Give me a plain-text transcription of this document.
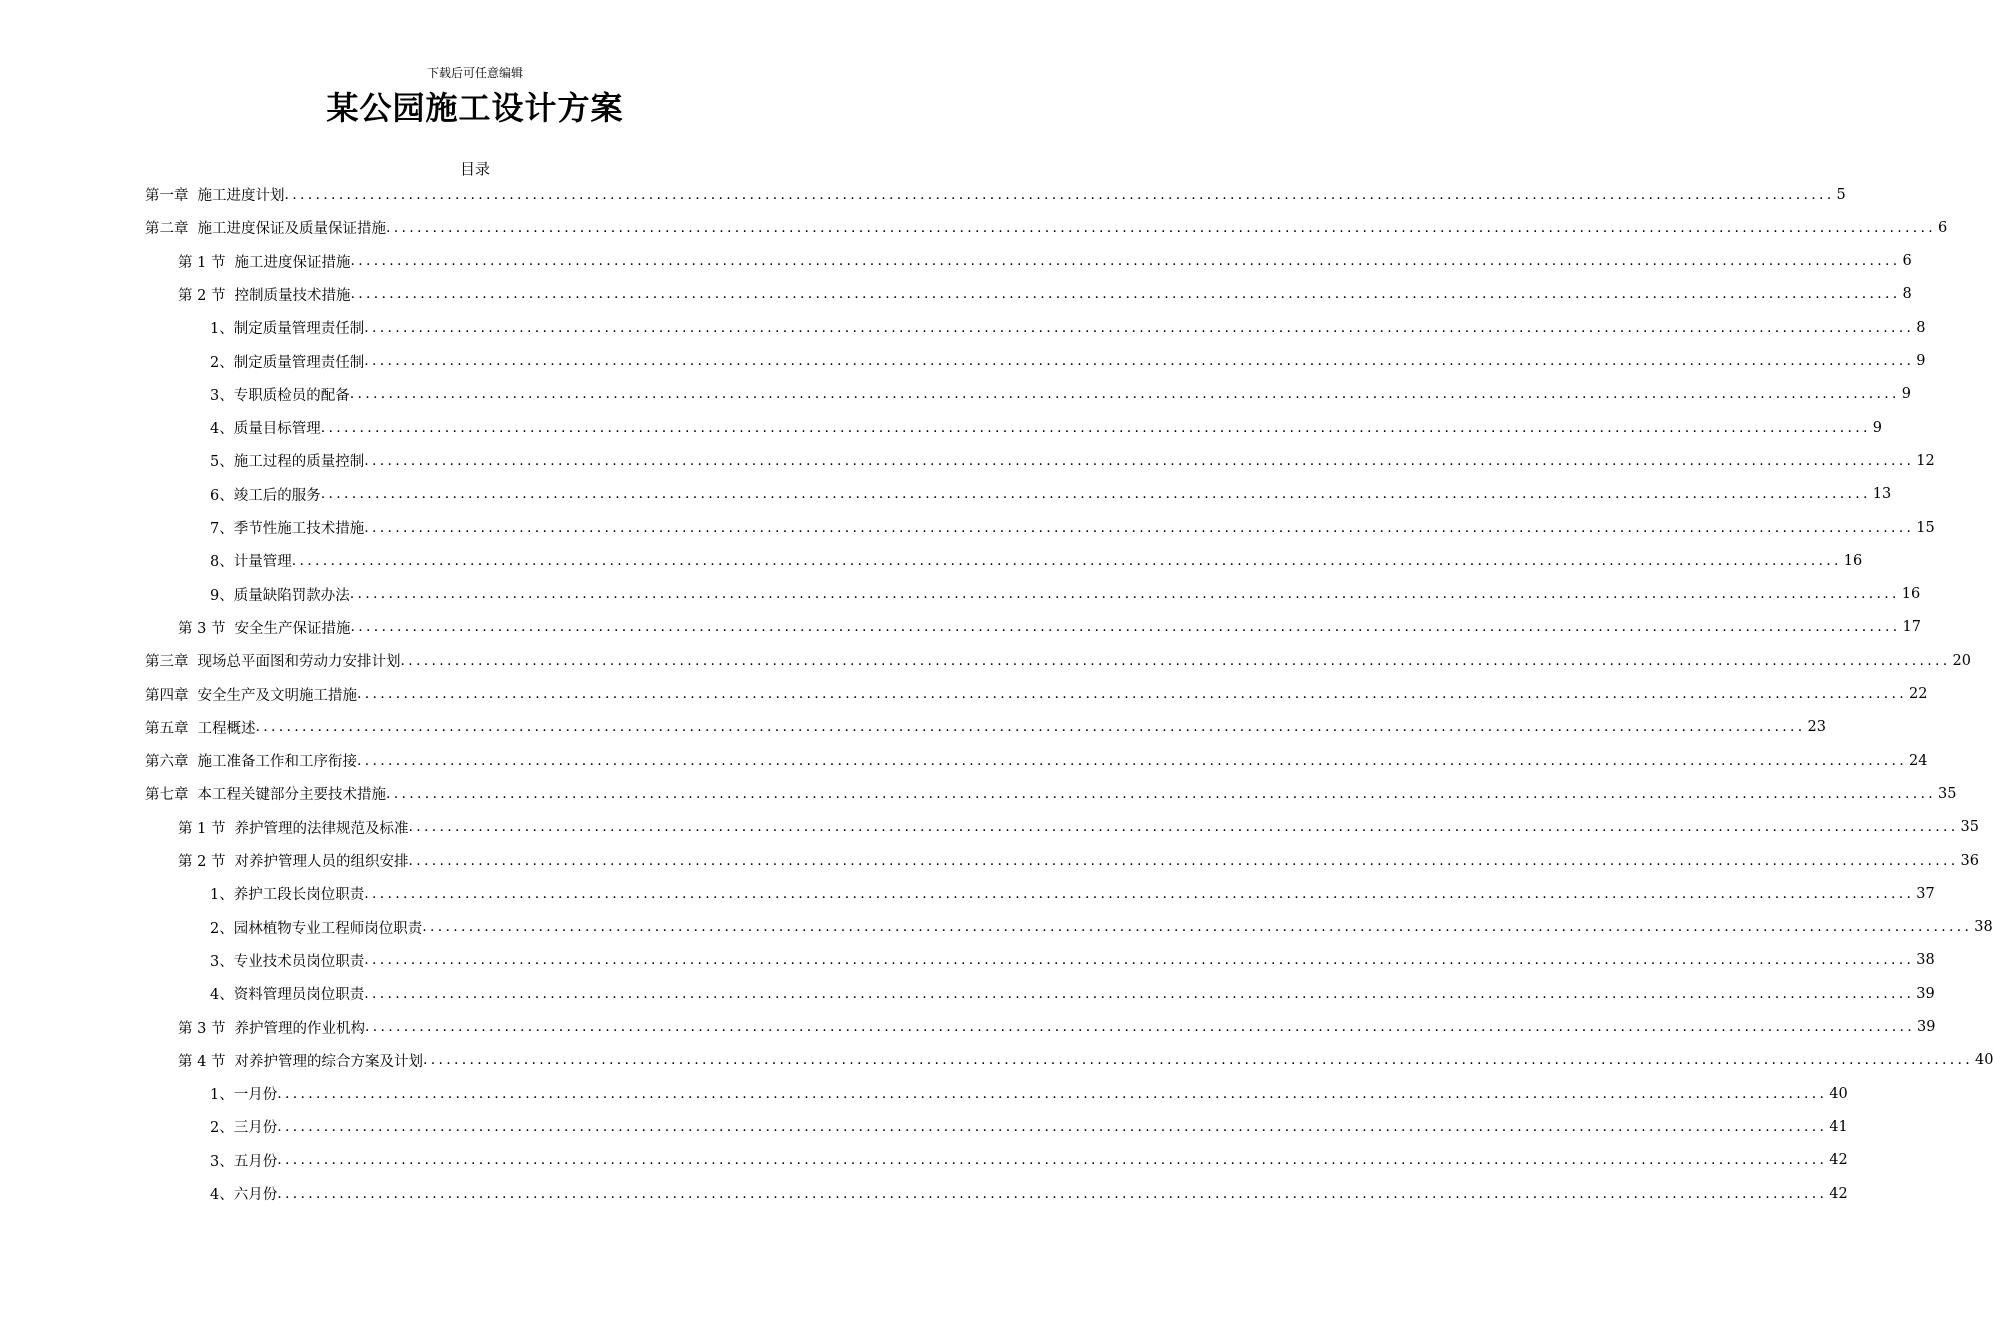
下载后可任意编辑
某公园施工设计方案
目录
第一章 施工进度计划 ........................................................................................................................................................................................................ 5
第二章 施工进度保证及质量保证措施 ........................................................................................................................................................................................................ 6
第 1 节 施工进度保证措施 ........................................................................................................................................................................................................ 6
第 2 节 控制质量技术措施 ........................................................................................................................................................................................................ 8
1、 制定质量管理责任制 ........................................................................................................................................................................................................ 8
2、 制定质量管理责任制 ........................................................................................................................................................................................................ 9
3、 专职质检员的配备 ........................................................................................................................................................................................................ 9
4、 质量目标管理 ........................................................................................................................................................................................................ 9
5、 施工过程的质量控制 ........................................................................................................................................................................................................ 12
6、 竣工后的服务 ........................................................................................................................................................................................................ 13
7、 季节性施工技术措施 ........................................................................................................................................................................................................ 15
8、 计量管理 ........................................................................................................................................................................................................ 16
9、 质量缺陷罚款办法 ........................................................................................................................................................................................................ 16
第 3 节 安全生产保证措施 ........................................................................................................................................................................................................ 17
第三章 现场总平面图和劳动力安排计划 ........................................................................................................................................................................................................ 20
第四章 安全生产及文明施工措施 ........................................................................................................................................................................................................ 22
第五章 工程概述 ........................................................................................................................................................................................................ 23
第六章 施工准备工作和工序衔接 ........................................................................................................................................................................................................ 24
第七章 本工程关键部分主要技术措施 ........................................................................................................................................................................................................ 35
第 1 节 养护管理的法律规范及标准 ........................................................................................................................................................................................................ 35
第 2 节 对养护管理人员的组织安排 ........................................................................................................................................................................................................ 36
1、 养护工段长岗位职责 ........................................................................................................................................................................................................ 37
2、 园林植物专业工程师岗位职责 ........................................................................................................................................................................................................ 38
3、 专业技术员岗位职责 ........................................................................................................................................................................................................ 38
4、 资料管理员岗位职责 ........................................................................................................................................................................................................ 39
第 3 节 养护管理的作业机构 ........................................................................................................................................................................................................ 39
第 4 节 对养护管理的综合方案及计划 ........................................................................................................................................................................................................ 40
1、 一月份 ........................................................................................................................................................................................................ 40
2、 三月份 ........................................................................................................................................................................................................ 41
3、 五月份 ........................................................................................................................................................................................................ 42
4、 六月份 ........................................................................................................................................................................................................ 42
